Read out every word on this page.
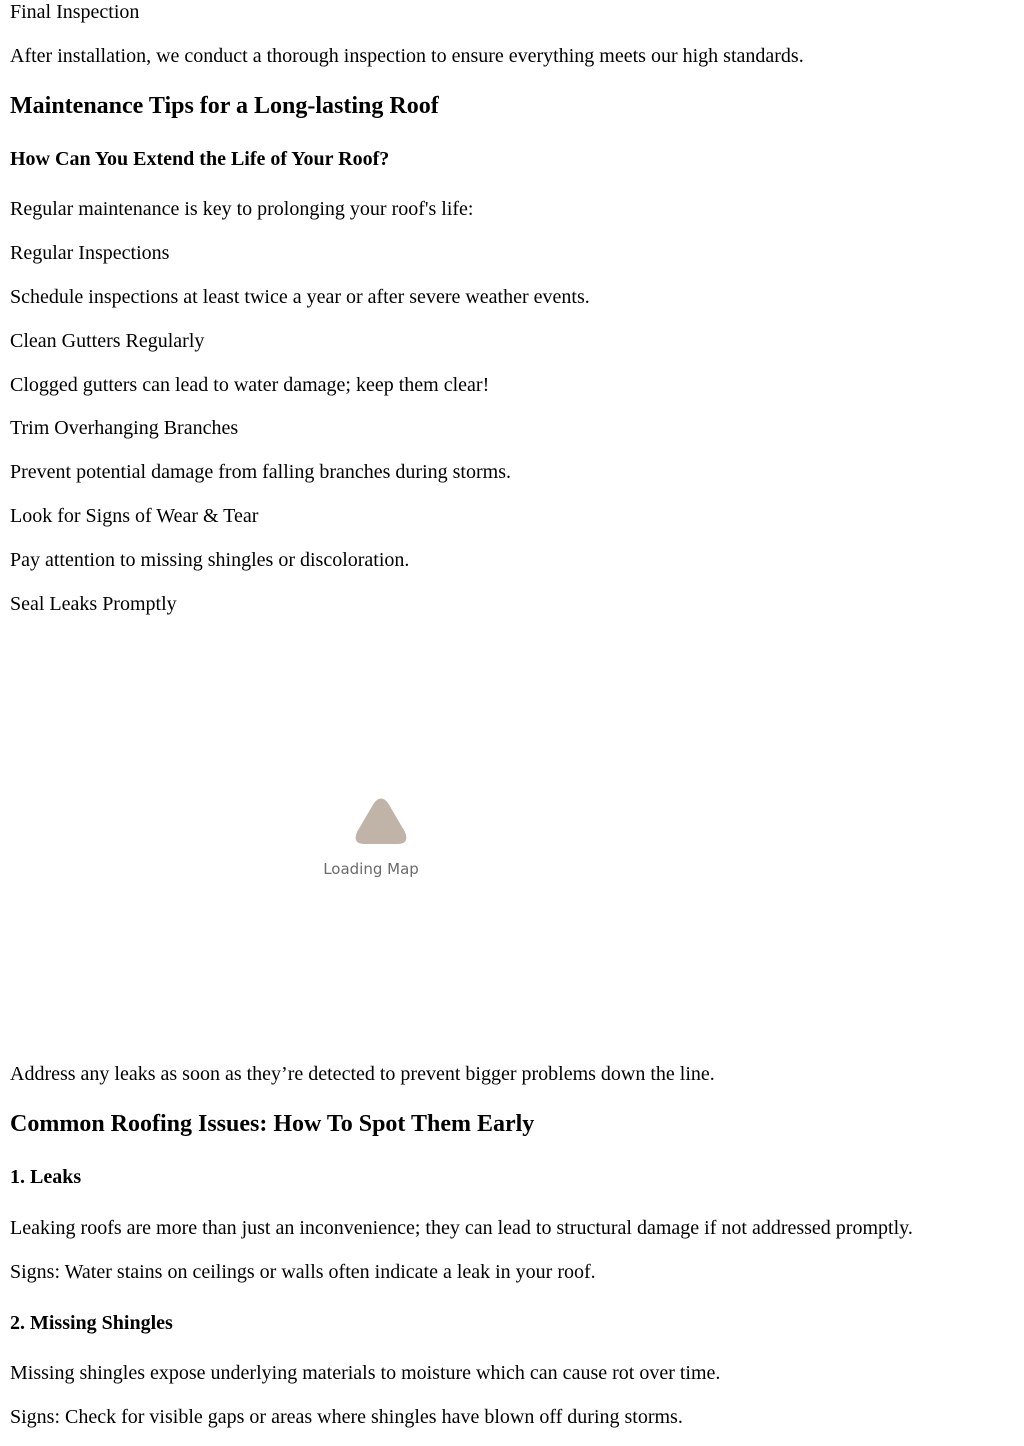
Final Inspection

After installation, we conduct a thorough inspection to ensure everything meets our high standards.

Maintenance Tips for a Long-lasting Roof
How Can You Extend the Life of Your Roof?

Regular maintenance is key to prolonging your roof's life:

Regular Inspections

Schedule inspections at least twice a year or after severe weather events.

Clean Gutters Regularly

Clogged gutters can lead to water damage; keep them clear!

Trim Overhanging Branches

Prevent potential damage from falling branches during storms.

Look for Signs of Wear & Tear

Pay attention to missing shingles or discoloration.

Seal Leaks Promptly

Loading Map

Address any leaks as soon as they’re detected to prevent bigger problems down the line.

Common Roofing Issues: How To Spot Them Early
1. Leaks

Leaking roofs are more than just an inconvenience; they can lead to structural damage if not addressed promptly.

Signs: Water stains on ceilings or walls often indicate a leak in your roof.

2. Missing Shingles

Missing shingles expose underlying materials to moisture which can cause rot over time.

Signs: Check for visible gaps or areas where shingles have blown off during storms.
